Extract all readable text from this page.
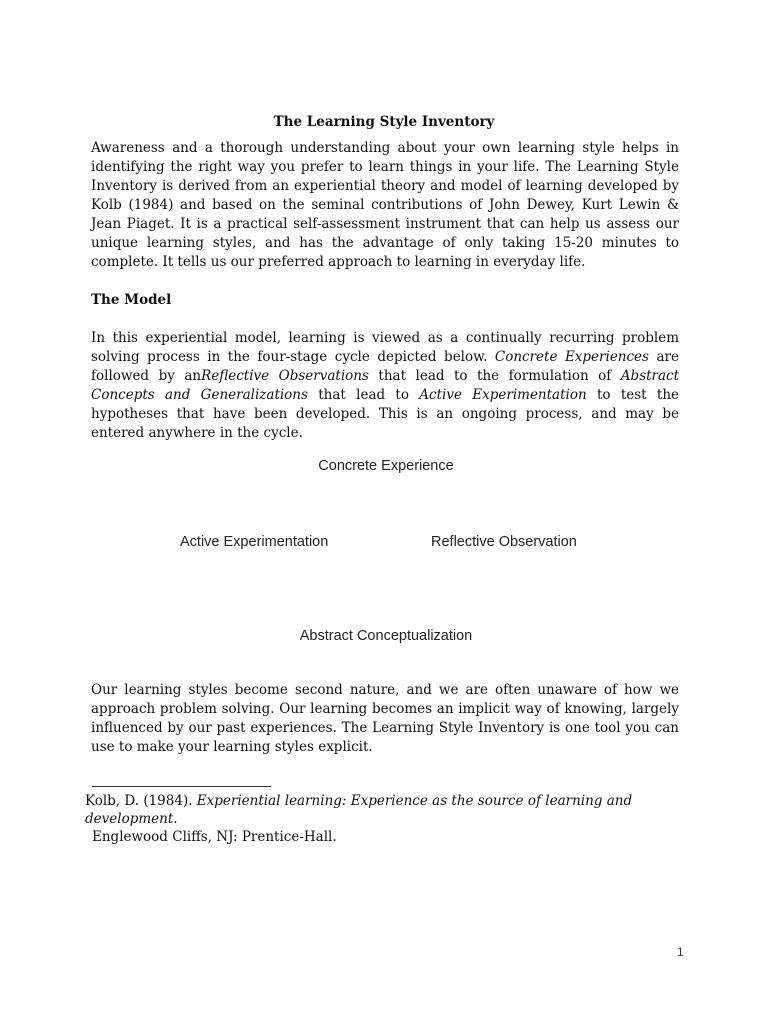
The Learning Style Inventory
Awareness and a thorough understanding about your own learning style helps in identifying the right way you prefer to learn things in your life. The Learning Style Inventory is derived from an experiential theory and model of learning developed by Kolb (1984) and based on the seminal contributions of John Dewey, Kurt Lewin & Jean Piaget. It is a practical self-assessment instrument that can help us assess our unique learning styles, and has the advantage of only taking 15-20 minutes to complete. It tells us our preferred approach to learning in everyday life.
The Model
In this experiential model, learning is viewed as a continually recurring problem solving process in the four-stage cycle depicted below. Concrete Experiences are followed by anReflective Observations that lead to the formulation of Abstract Concepts and Generalizations that lead to Active Experimentation to test the hypotheses that have been developed. This is an ongoing process, and may be entered anywhere in the cycle.
Concrete Experience
Active Experimentation	Reflective Observation
Abstract Conceptualization
Our learning styles become second nature, and we are often unaware of how we approach problem solving. Our learning becomes an implicit way of knowing, largely influenced by our past experiences. The Learning Style Inventory is one tool you can use to make your learning styles explicit.
Kolb, D. (1984). Experiential learning: Experience as the source of learning and development.
Englewood Cliffs, NJ: Prentice-Hall.
1
